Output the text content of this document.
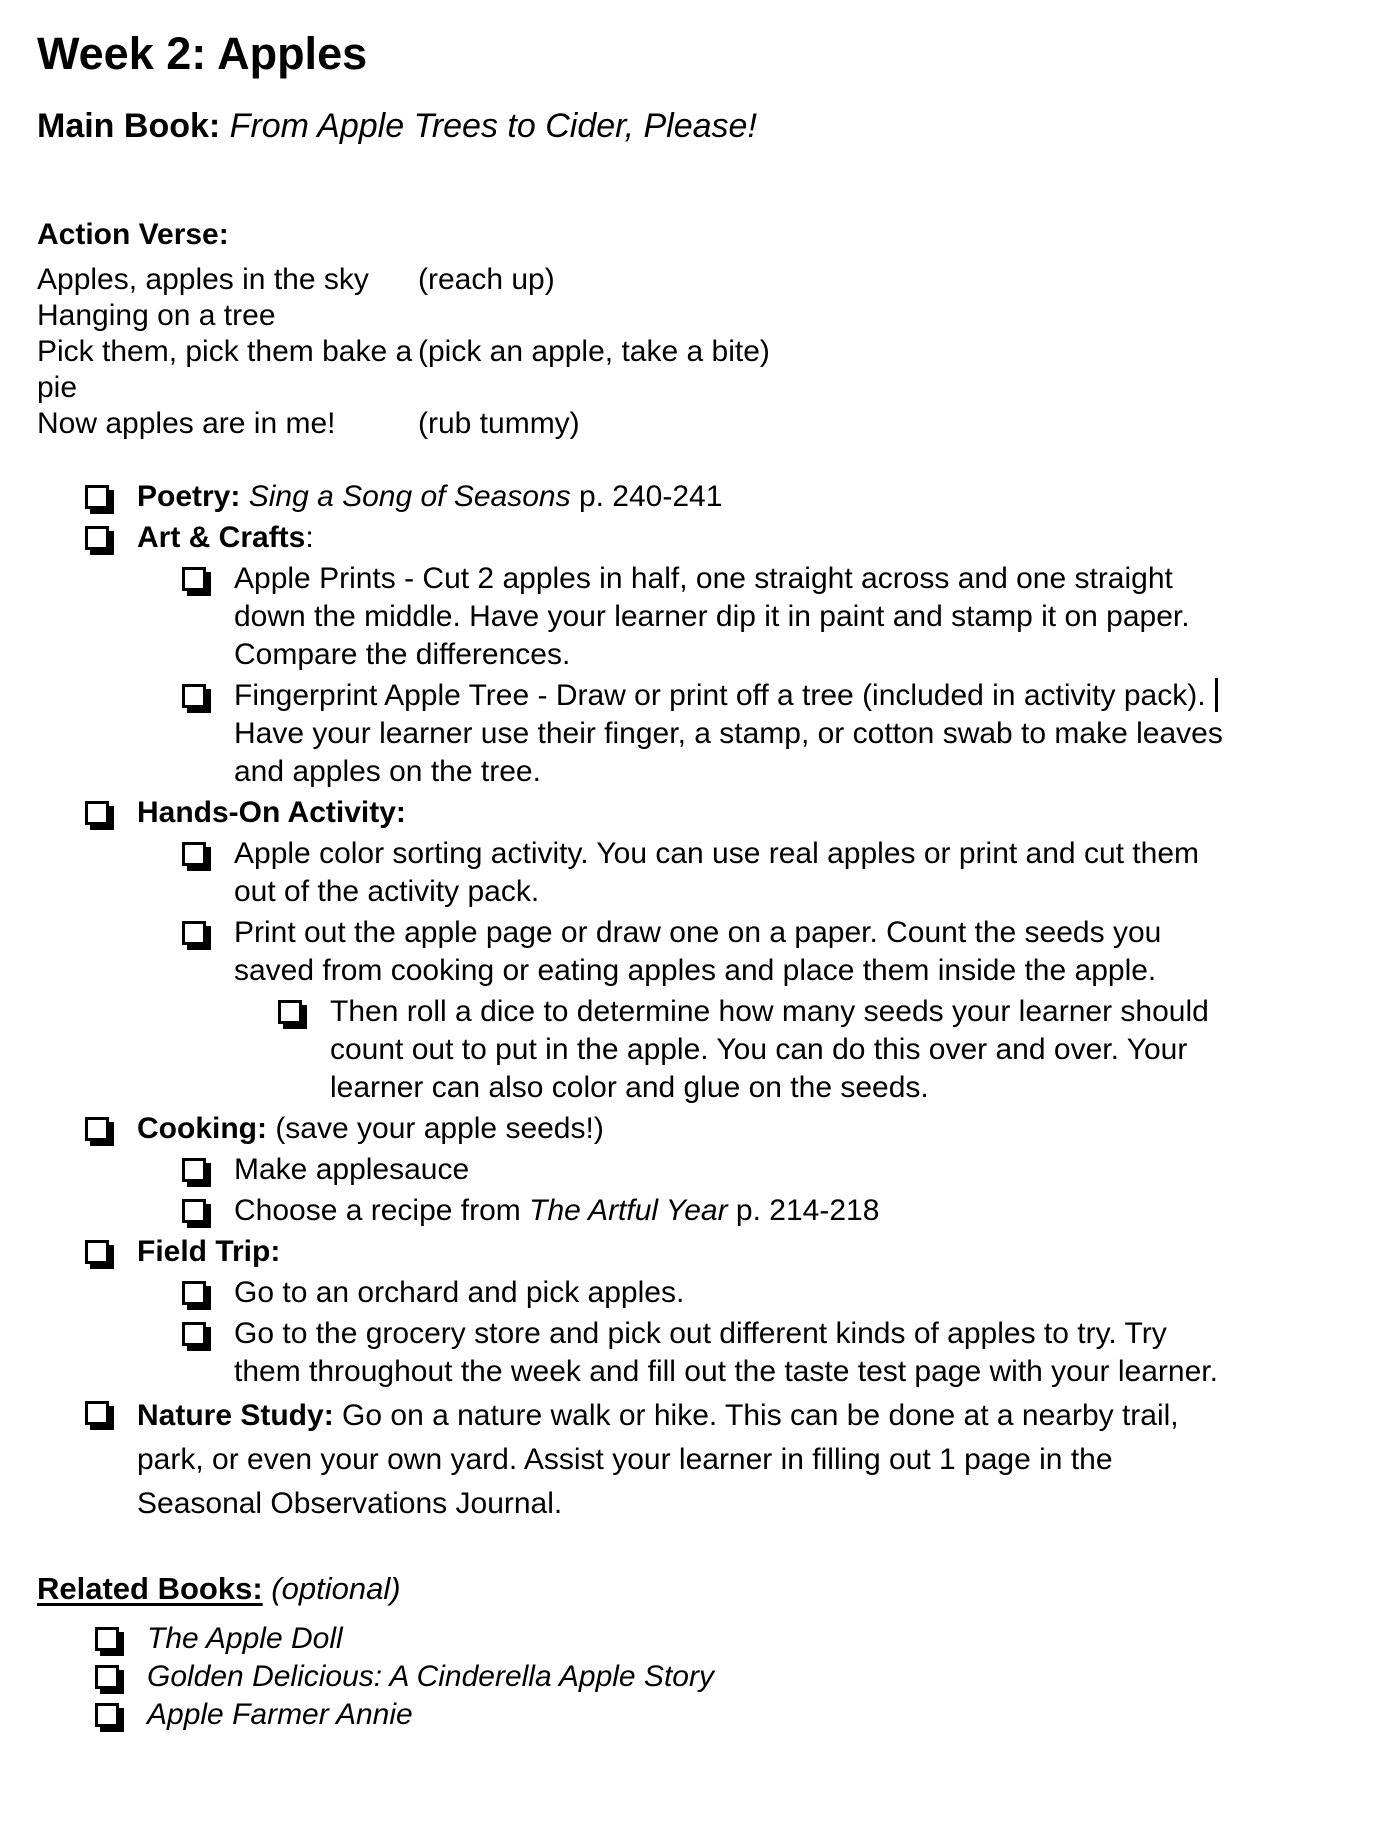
Week 2: Apples
Main Book: From Apple Trees to Cider, Please!
Action Verse:
Apples, apples in the sky	(reach up)
Hanging on a tree
Pick them, pick them bake a pie
(pick an apple, take a bite)
Now apples are in me!	(rub tummy)
Poetry: Sing a Song of Seasons p. 240-241
Art & Crafts:
Apple Prints - Cut 2 apples in half, one straight across and one straight
down the middle. Have your learner dip it in paint and stamp it on paper.
Compare the differences.
Fingerprint Apple Tree - Draw or print off a tree (included in activity pack).
Have your learner use their finger, a stamp, or cotton swab to make leaves
and apples on the tree.
Hands-On Activity:
Apple color sorting activity. You can use real apples or print and cut them
out of the activity pack.
Print out the apple page or draw one on a paper. Count the seeds you
saved from cooking or eating apples and place them inside the apple.
Then roll a dice to determine how many seeds your learner should
count out to put in the apple. You can do this over and over. Your
learner can also color and glue on the seeds.
Cooking: (save your apple seeds!)
Make applesauce
Choose a recipe from The Artful Year p. 214-218
Field Trip:
Go to an orchard and pick apples.
Go to the grocery store and pick out different kinds of apples to try. Try
them throughout the week and fill out the taste test page with your learner.
Nature Study: Go on a nature walk or hike. This can be done at a nearby trail,
park, or even your own yard. Assist your learner in filling out 1 page in the
Seasonal Observations Journal.
Related Books: (optional)
The Apple Doll
Golden Delicious: A Cinderella Apple Story
Apple Farmer Annie
